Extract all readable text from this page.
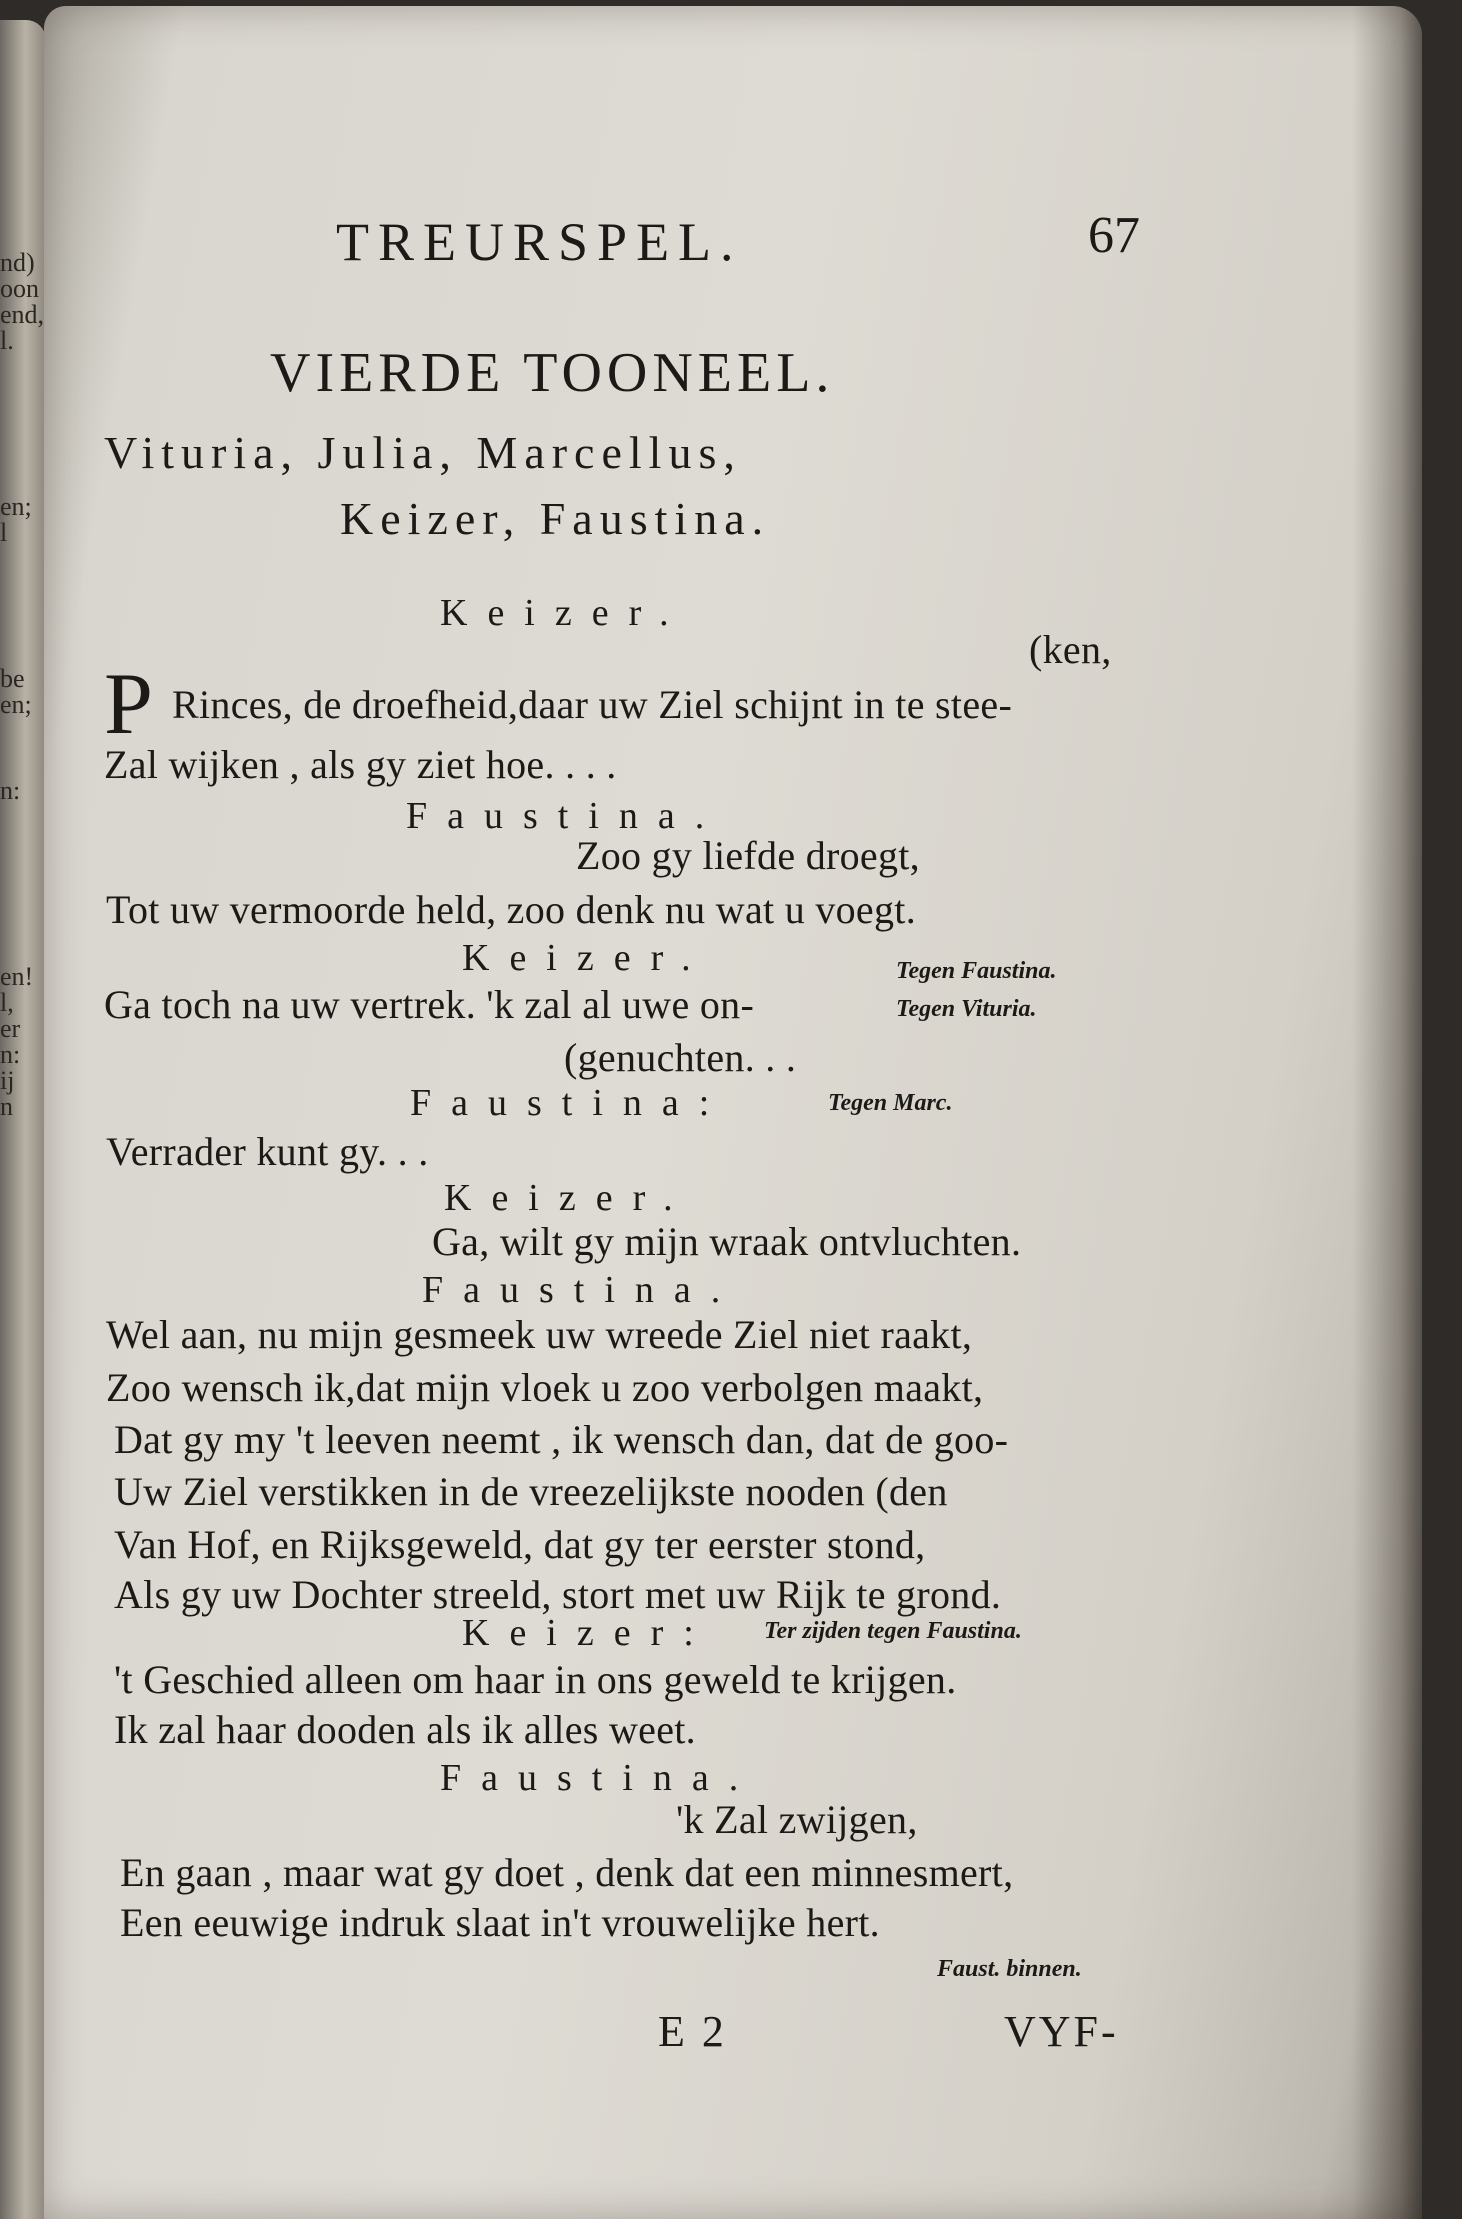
nd)
oon
end,
l.
en;
l
be
en;
n:
en!
l,
er
n:
ij
n
TREURSPEL.	67
VIERDE TOONEEL.
Vituria, Julia, Marcellus,
Keizer, Faustina.
Keizer.
(ken,
P Rinces, de droefheid,daar uw Ziel schijnt in te stee-
Zal wijken , als gy ziet hoe. . . .
Faustina.
Zoo gy liefde droegt,
Tot uw vermoorde held, zoo denk nu wat u voegt.
Keizer.	Tegen Faustina.
Ga toch na uw vertrek. 'k zal al uwe on-	Tegen Vituria.
(genuchten. . .
Faustina:	Tegen Marc.
Verrader kunt gy. . .
Keizer.
Ga, wilt gy mijn wraak ontvluchten.
Faustina.
Wel aan, nu mijn gesmeek uw wreede Ziel niet raakt,
Zoo wensch ik,dat mijn vloek u zoo verbolgen maakt,
Dat gy my 't leeven neemt , ik wensch dan, dat de goo-
Uw Ziel verstikken in de vreezelijkste nooden (den
Van Hof, en Rijksgeweld, dat gy ter eerster stond,
Als gy uw Dochter streeld, stort met uw Rijk te grond.
Keizer: Ter zijden tegen Faustina.
't Geschied alleen om haar in ons geweld te krijgen.
Ik zal haar dooden als ik alles weet.
Faustina.
'k Zal zwijgen,
En gaan , maar wat gy doet , denk dat een minnesmert,
Een eeuwige indruk slaat in't vrouwelijke hert.
Faust. binnen.
E 2	VYF-
